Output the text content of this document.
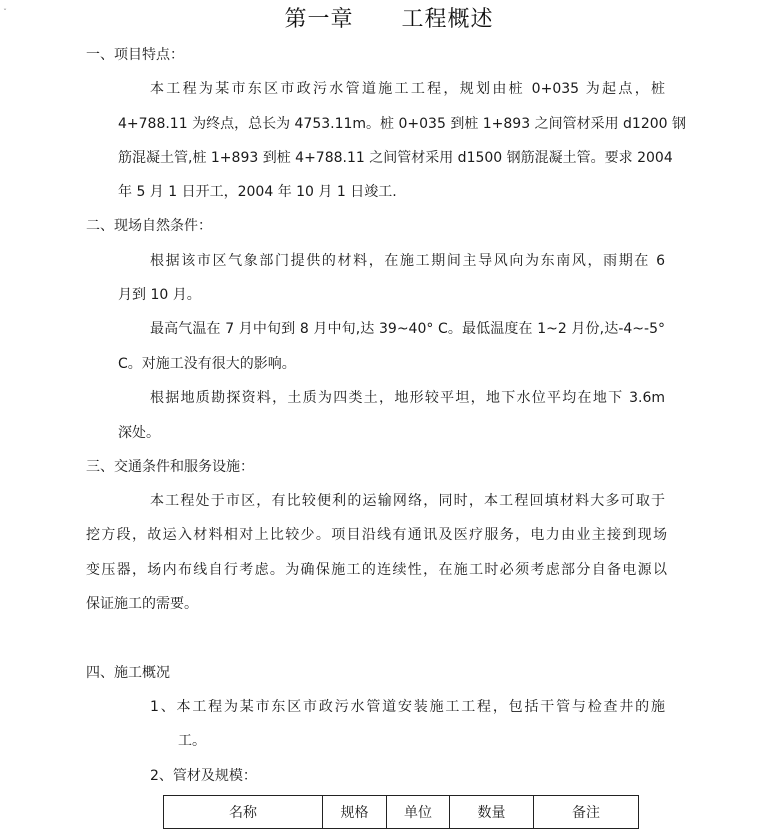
ˇ	第一章      工程概述
一、项目特点：
本工程为某市东区市政污水管道施工工程，规划由桩 0+035 为起点，桩
4+788.11 为终点，总长为 4753.11m。桩 0+035 到桩 1+893 之间管材采用 d1200 钢
筋混凝土管,桩 1+893 到桩 4+788.11 之间管材采用 d1500 钢筋混凝土管。要求 2004
年 5 月 1 日开工，2004 年 10 月 1 日竣工.
二、现场自然条件：
根据该市区气象部门提供的材料，在施工期间主导风向为东南风，雨期在 6
月到 10 月。
最高气温在 7 月中旬到 8 月中旬,达 39~40° C。最低温度在 1~2 月份,达-4~-5°
C。对施工没有很大的影响。
根据地质勘探资料，土质为四类土，地形较平坦，地下水位平均在地下 3.6m
深处。
三、交通条件和服务设施：
本工程处于市区，有比较便利的运输网络，同时，本工程回填材料大多可取于
挖方段，故运入材料相对上比较少。项目沿线有通讯及医疗服务，电力由业主接到现场
变压器，场内布线自行考虑。为确保施工的连续性，在施工时必须考虑部分自备电源以
保证施工的需要。
四、施工概况
1、本工程为某市东区市政污水管道安装施工工程，包括干管与检查井的施
工。
2、管材及规模：
名称	规格	单位	数量	备注
